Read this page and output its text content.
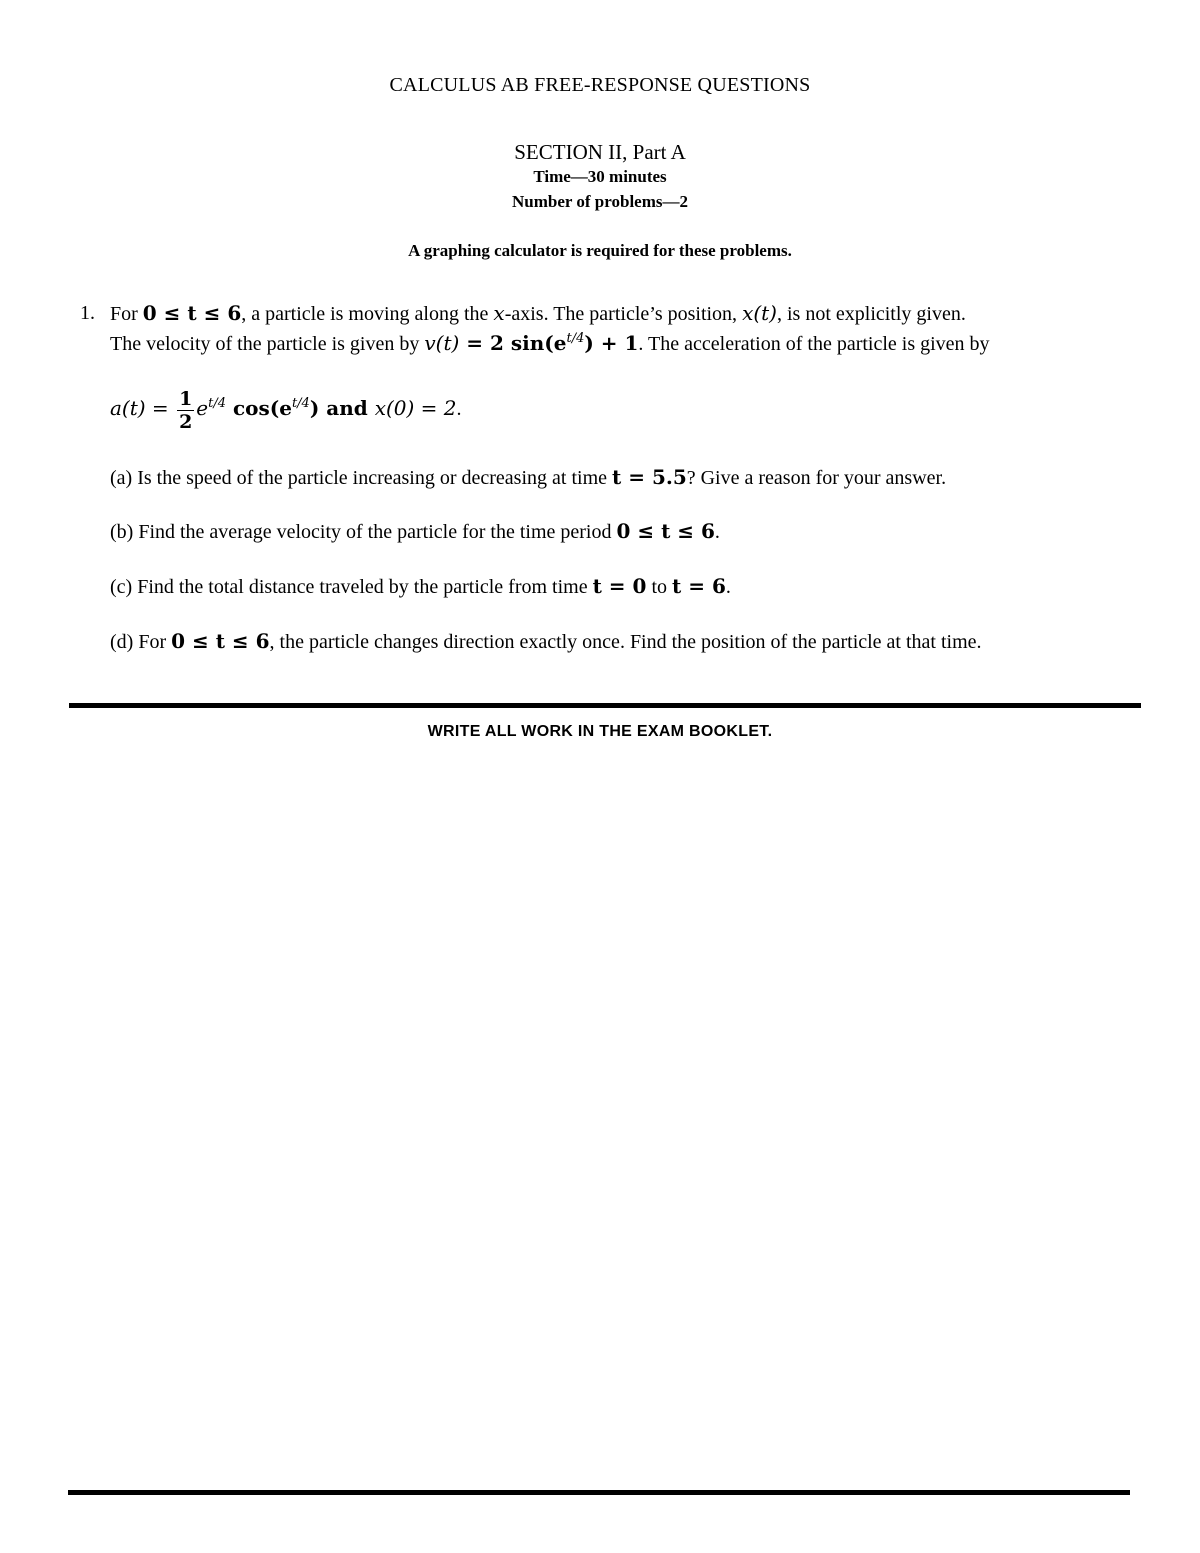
CALCULUS AB FREE-RESPONSE QUESTIONS
SECTION II, Part A
Time—30 minutes
Number of problems—2
A graphing calculator is required for these problems.
1. For 0 ≤ t ≤ 6, a particle is moving along the x-axis. The particle’s position, x(t), is not explicitly given.
The velocity of the particle is given by v(t) = 2 $\sin(e^{t/4}) + 1$. The acceleration of the particle is given by
$a(t) = \frac{1}{2} e^{t/4}$ $\cos(e^{t/4})$ and x(0) = 2.
(a) Is the speed of the particle increasing or decreasing at time t = 5.5? Give a reason for your answer.
(b) Find the average velocity of the particle for the time period 0 ≤ t ≤ 6.
(c) Find the total distance traveled by the particle from time t = 0 to t = 6.
(d) For 0 ≤ t ≤ 6, the particle changes direction exactly once. Find the position of the particle at that time.
WRITE ALL WORK IN THE EXAM BOOKLET.
